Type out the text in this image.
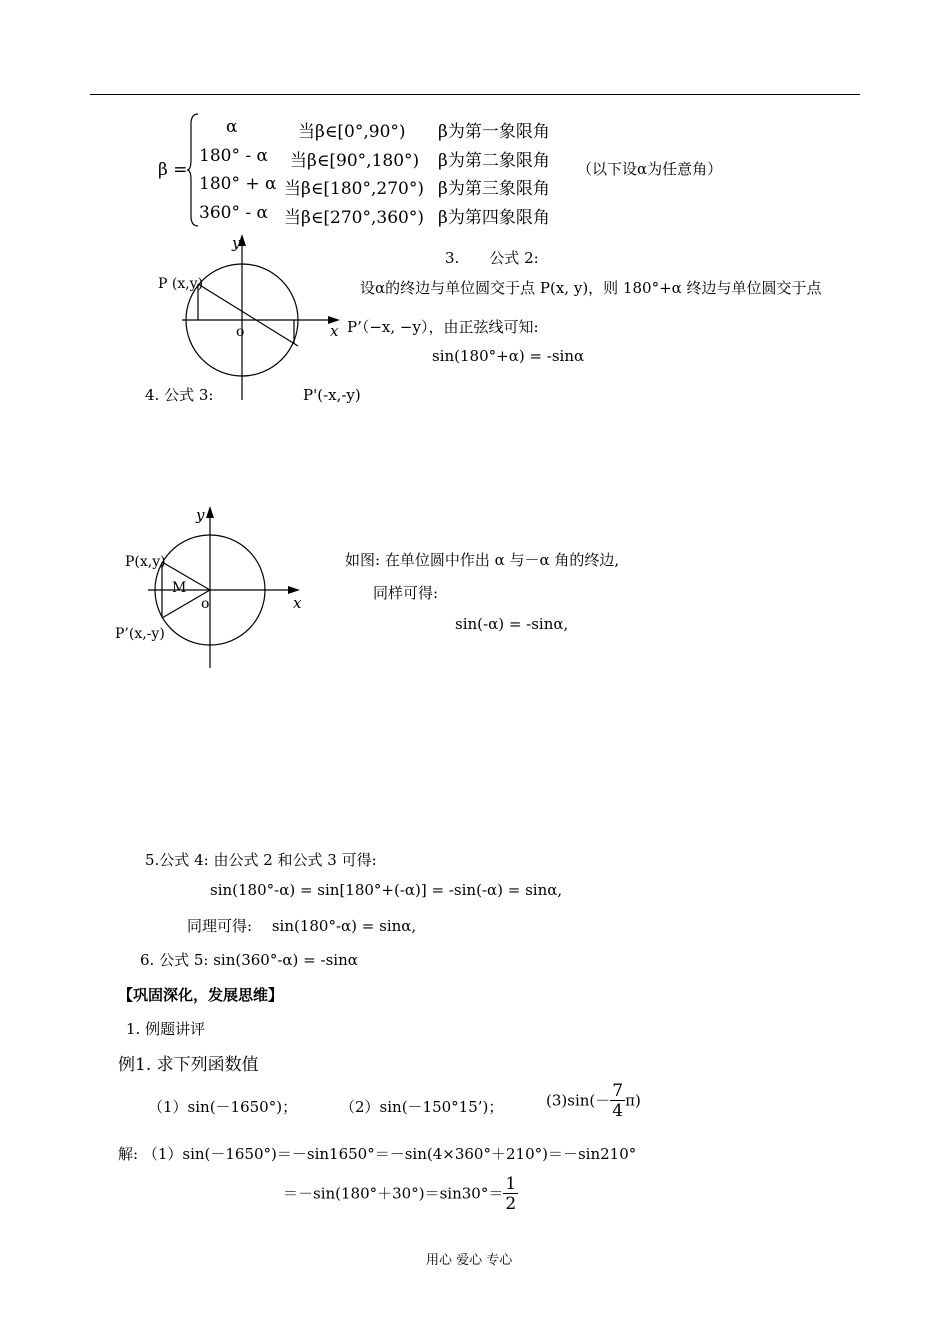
β =
α
180° - α
180° + α
360° - α
当β∈[0°,90°)
当β∈[90°,180°)
当β∈[180°,270°)
当β∈[270°,360°)
β为第一象限角
β为第二象限角
β为第三象限角
β为第四象限角
（以下设α为任意角）
y
x
o
P (x,y)
P'(-x,-y)
3.　　公式 2:
设α的终边与单位圆交于点 P(x, y)，则 180°+α 终边与单位圆交于点
P’（−x, −y），由正弦线可知:
sin(180°+α) = -sinα
4. 公式 3:
y
x
o
M
P(x,y)
P’(x,-y)
如图: 在单位圆中作出 α 与－α 角的终边,
同样可得:
sin(-α) = -sinα,
5.公式 4: 由公式 2 和公式 3 可得:
sin(180°-α) = sin[180°+(-α)] = -sin(-α) = sinα,
同理可得:　 sin(180°-α) = sinα,
6. 公式 5: sin(360°-α) = -sinα
【巩固深化，发展思维】
1. 例题讲评
例1. 求下列函数值
（1）sin(－1650°)；	（2）sin(－150°15’)；	$(3)\sin(- \frac{7}{4} \pi)$
解: （1）sin(－1650°)＝－sin1650°＝－sin(4×360°＋210°)＝－sin210°
$=-\sin(180^\circ+30^\circ)=\sin 30^\circ= \frac{1}{2}$
用心 爱心 专心
